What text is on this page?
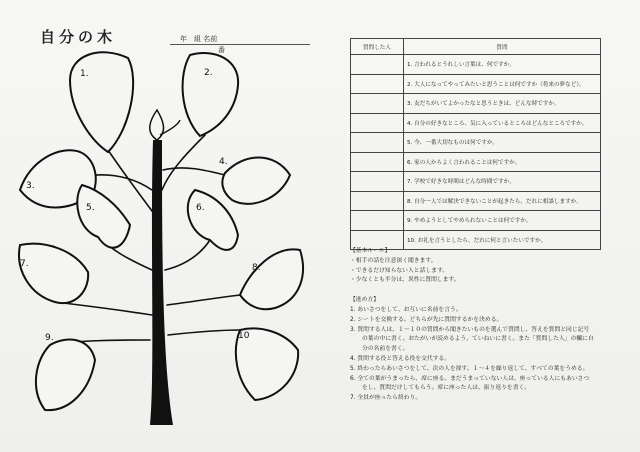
自分の木	年　組 名前
番
1.	2.
3.
4.
5.	6.
7.	8.
9.	10
質問した人	質問
	1. 言われるとうれしい言葉は、何ですか。
	2. 大人になってやってみたいと思うことは何ですか（将来の夢など）。
	3. 友だちがいてよかったなと思うときは、どんな時ですか。
	4. 自分の好きなところ、気に入っているところはどんなところですか。
	5. 今、一番大切なものは何ですか。
	6. 家の人からよく言われることは何ですか。
	7. 学校で好きな時間はどんな時間ですか。
	8. 自分一人では解決できないことが起きたら、だれに相談しますか。
	9. やめようとしてやめられないことは何ですか。
	10. お礼を言うとしたら、だれに何と言いたいですか。
【基本ルール】
・相手の話を注意深く聞きます。
・できるだけ知らない人と話します。
・少なくとも半分は、異性に質問します。
【進め方】
1. あいさつをして、お互いに名前を言う。
2. シートを交換する。どちらが先に質問するかを決める。
3. 質問する人は、１～１０の質問から聞きたいものを選んで質問し、答えを質問と同じ記号
の葉の中に書く。おたがいが読めるよう、ていねいに書く。また「質問した人」の欄に自
分の名前を書く。
4. 質問する役と答える役を交代する。
5. 終わったらあいさつをして、次の人を探す。１～４を繰り返して、すべての葉をうめる。
6. 全ての葉がうまったら、席に座る。まだうまっていない人は、座っている人にもあいさつ
をし、質問だけしてもらう。席に座った人は、振り返りを書く。
7. 全員が座ったら終わり。
